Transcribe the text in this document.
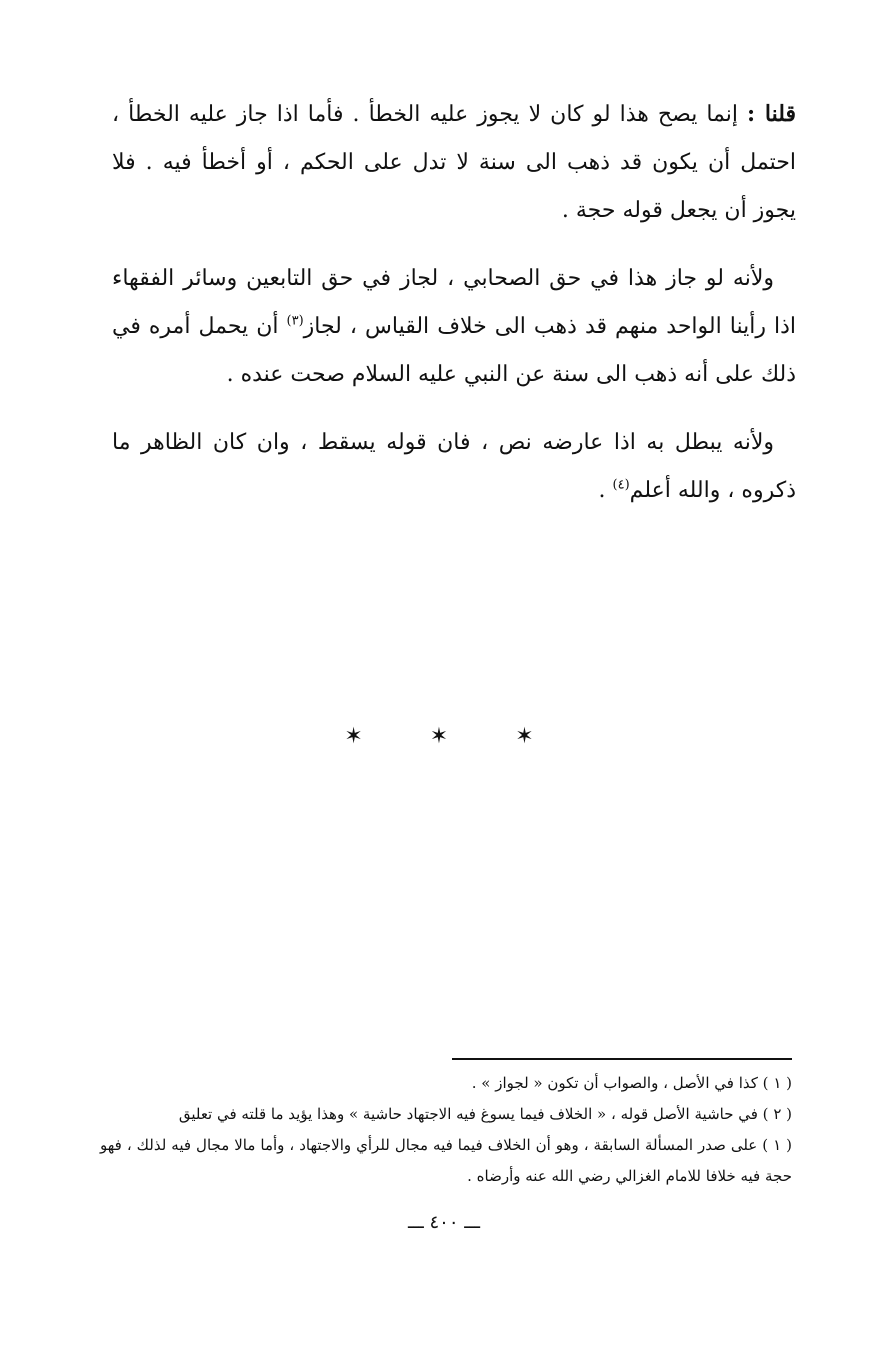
قلنا : إنما يصح هذا لو كان لا يجوز عليه الخطأ . فأما اذا جاز عليه الخطأ ، احتمل أن يكون قد ذهب الى سنة لا تدل على الحكم ، أو أخطأ فيه . فلا يجوز أن يجعل قوله حجة .

ولأنه لو جاز هذا في حق الصحابي ، لجاز في حق التابعين وسائر الفقهاء اذا رأينا الواحد منهم قد ذهب الى خلاف القياس ، لجاز$^{(٣)}$ أن يحمل أمره في ذلك على أنه ذهب الى سنة عن النبي عليه السلام صحت عنده .

ولأنه يبطل به اذا عارضه نص ، فان قوله يسقط ، وان كان الظاهر ما ذكروه ، والله أعلم$^{(٤)}$ .

✶ ✶ ✶

( ١ ) كذا في الأصل ، والصواب أن تكون « لجواز » .

( ٢ ) في حاشية الأصل قوله ، « الخلاف فيما يسوغ فيه الاجتهاد حاشية » وهذا يؤيد ما قلته في تعليق

( ١ ) على صدر المسألة السابقة ، وهو أن الخلاف فيما فيه مجال للرأي والاجتهاد ، وأما مالا مجال فيه لذلك ، فهو حجة فيه خلافا للامام الغزالي رضي الله عنه وأرضاه .

ـــ ٤٠٠ ـــ
